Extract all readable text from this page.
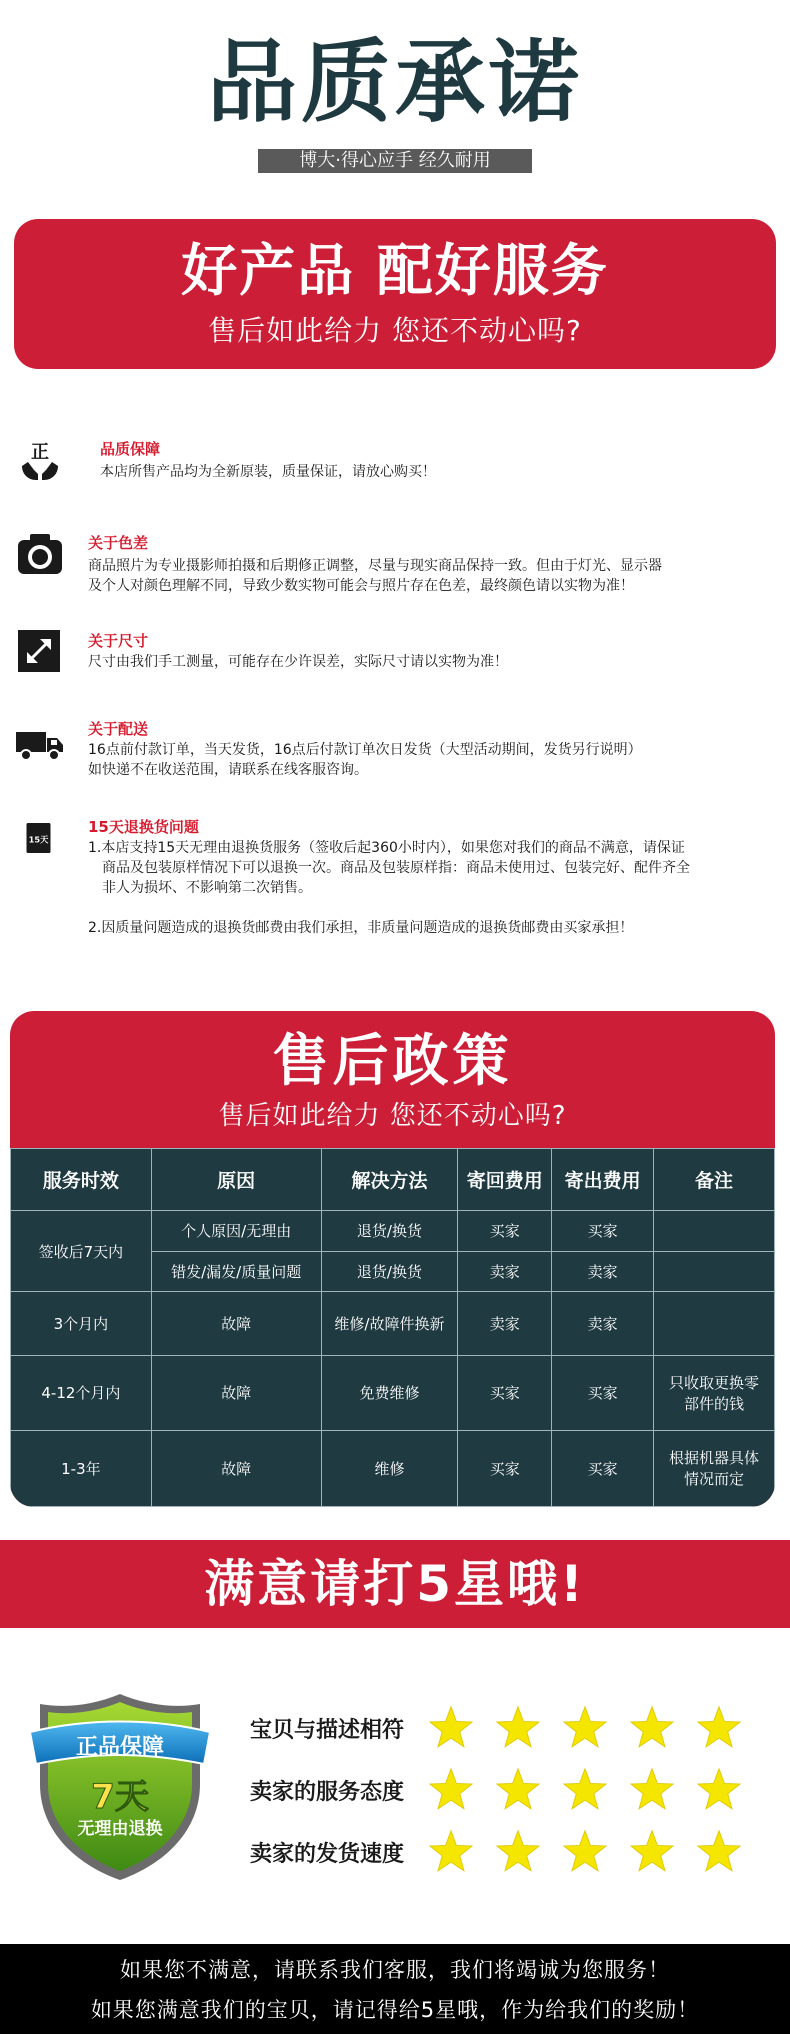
品质承诺
博大·得心应手 经久耐用
好产品 配好服务
售后如此给力 您还不动心吗?
正	品质保障

本店所售产品均为全新原装，质量保证，请放心购买！

关于色差

商品照片为专业摄影师拍摄和后期修正调整，尽量与现实商品保持一致。但由于灯光、显示器

及个人对颜色理解不同，导致少数实物可能会与照片存在色差，最终颜色请以实物为准！

关于尺寸

尺寸由我们手工测量，可能存在少许误差，实际尺寸请以实物为准！

关于配送

16点前付款订单，当天发货，16点后付款订单次日发货（大型活动期间，发货另行说明）

如快递不在收送范围，请联系在线客服咨询。

15天
15天退换货问题

1.本店支持15天无理由退换货服务（签收后起360小时内），如果您对我们的商品不满意，请保证

商品及包装原样情况下可以退换一次。商品及包装原样指：商品未使用过、包装完好、配件齐全

非人为损坏、不影响第二次销售。

2.因质量问题造成的退换货邮费由我们承担，非质量问题造成的退换货邮费由买家承担！

售后政策
售后如此给力 您还不动心吗?
服务时效	原因	解决方法	寄回费用	寄出费用	备注
签收后7天内	个人原因/无理由	退货/换货	买家	买家	
	错发/漏发/质量问题	退货/换货	卖家	卖家	
3个月内	故障	维修/故障件换新	卖家	卖家	
4-12个月内	故障	免费维修	买家	买家	只收取更换零部件的钱
1-3年	故障	维修	买家	买家	根据机器具体情况而定
满意请打5星哦!
正品保障
7天
无理由退换
宝贝与描述相符
卖家的服务态度
卖家的发货速度

如果您不满意，请联系我们客服，我们将竭诚为您服务！

如果您满意我们的宝贝，请记得给5星哦，作为给我们的奖励！
